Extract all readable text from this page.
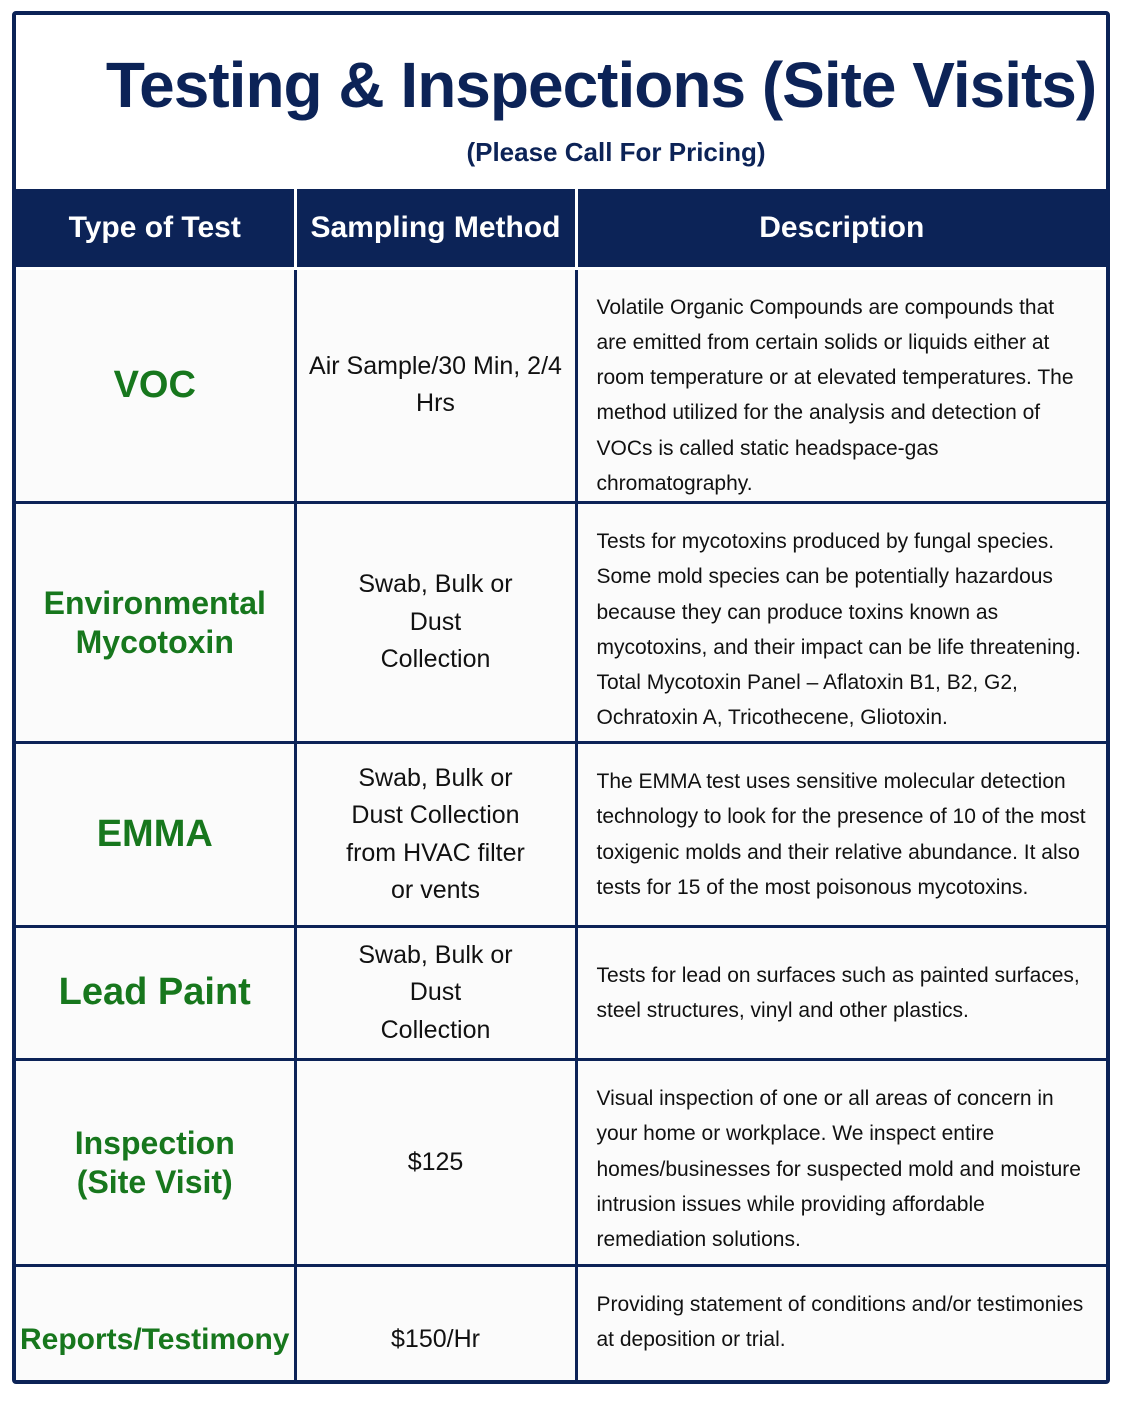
Testing & Inspections (Site Visits)
(Please Call For Pricing)
Type of Test	Sampling Method	Description
VOC	Air Sample/30 Min, 2/4 Hrs	Volatile Organic Compounds are compounds that are emitted from certain solids or liquids either at room temperature or at elevated temperatures. The method utilized for the analysis and detection of VOCs is called static headspace-gas chromatography.
Environmental Mycotoxin	Swab, Bulk or Dust Collection	Tests for mycotoxins produced by fungal species. Some mold species can be potentially hazardous because they can produce toxins known as mycotoxins, and their impact can be life threatening. Total Mycotoxin Panel – Aflatoxin B1, B2, G2, Ochratoxin A, Tricothecene, Gliotoxin.
EMMA	Swab, Bulk or Dust Collection from HVAC filter or vents	The EMMA test uses sensitive molecular detection technology to look for the presence of 10 of the most toxigenic molds and their relative abundance. It also tests for 15 of the most poisonous mycotoxins.
Lead Paint	Swab, Bulk or Dust Collection	Tests for lead on surfaces such as painted surfaces, steel structures, vinyl and other plastics.
Inspection (Site Visit)	$125	Visual inspection of one or all areas of concern in your home or workplace. We inspect entire homes/businesses for suspected mold and moisture intrusion issues while providing affordable remediation solutions.
Reports/Testimony	$150/Hr	Providing statement of conditions and/or testimonies at deposition or trial.
